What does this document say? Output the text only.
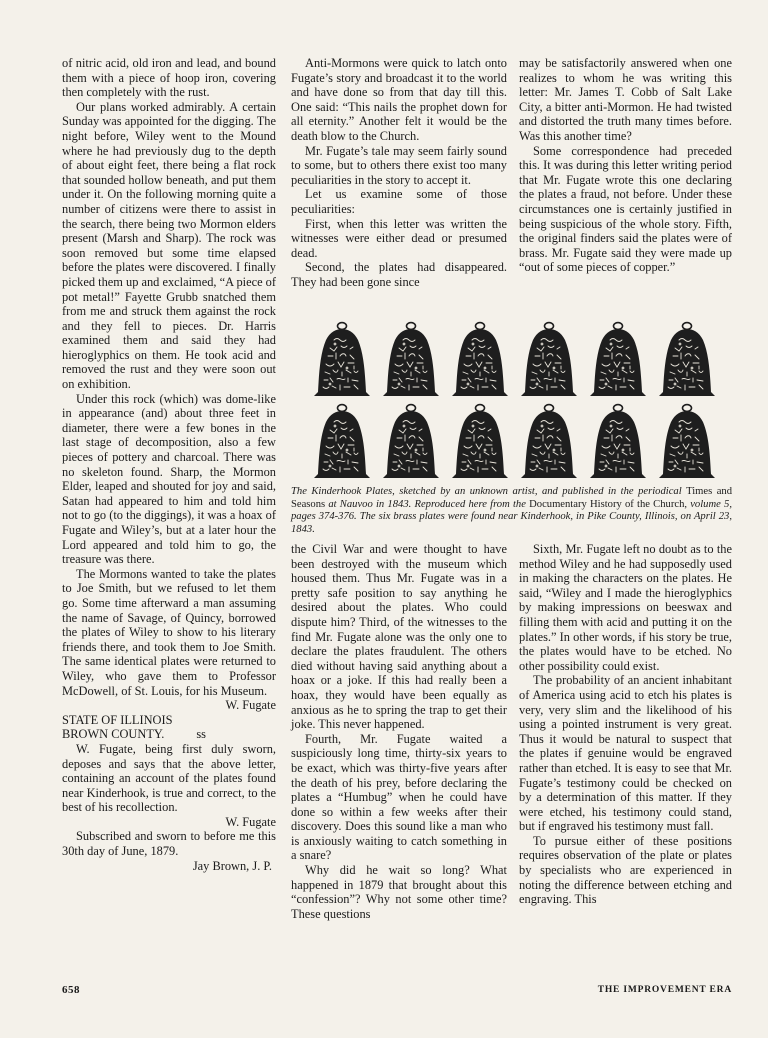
of nitric acid, old iron and lead, and bound them with a piece of hoop iron, covering then completely with the rust.

Our plans worked admirably. A certain Sunday was appointed for the digging. The night before, Wiley went to the Mound where he had previously dug to the depth of about eight feet, there being a flat rock that sounded hollow beneath, and put them under it. On the following morning quite a number of citizens were there to assist in the search, there being two Mormon elders present (Marsh and Sharp). The rock was soon removed but some time elapsed before the plates were discovered. I finally picked them up and exclaimed, “A piece of pot metal!” Fayette Grubb snatched them from me and struck them against the rock and they fell to pieces. Dr. Harris examined them and said they had hieroglyphics on them. He took acid and removed the rust and they were soon out on exhibition.

Under this rock (which) was dome-like in appearance (and) about three feet in diameter, there were a few bones in the last stage of decomposition, also a few pieces of pottery and charcoal. There was no skeleton found. Sharp, the Mormon Elder, leaped and shouted for joy and said, Satan had appeared to him and told him not to go (to the diggings), it was a hoax of Fugate and Wiley’s, but at a later hour the Lord appeared and told him to go, the treasure was there.

The Mormons wanted to take the plates to Joe Smith, but we refused to let them go. Some time afterward a man assuming the name of Savage, of Quincy, borrowed the plates of Wiley to show to his literary friends there, and took them to Joe Smith. The same identical plates were returned to Wiley, who gave them to Professor McDowell, of St. Louis, for his Museum.

W. Fugate

STATE OF ILLINOIS

BROWN COUNTY.	ss

W. Fugate, being first duly sworn, deposes and says that the above letter, containing an account of the plates found near Kinderhook, is true and correct, to the best of his recollection.

W. Fugate

Subscribed and sworn to before me this 30th day of June, 1879.

Jay Brown, J. P.

Anti-Mormons were quick to latch onto Fugate’s story and broadcast it to the world and have done so from that day till this. One said: “This nails the prophet down for all eternity.” Another felt it would be the death blow to the Church.

Mr. Fugate’s tale may seem fairly sound to some, but to others there exist too many peculiarities in the story to accept it.

Let us examine some of those peculiarities:

First, when this letter was written the witnesses were either dead or presumed dead.

Second, the plates had disappeared. They had been gone since

may be satisfactorily answered when one realizes to whom he was writing this letter: Mr. James T. Cobb of Salt Lake City, a bitter anti-Mormon. He had twisted and distorted the truth many times before. Was this another time?

Some correspondence had preceded this. It was during this letter writing period that Mr. Fugate wrote this one declaring the plates a fraud, not before. Under these circumstances one is certainly justified in being suspicious of the whole story. Fifth, the original finders said the plates were of brass. Mr. Fugate said they were made up “out of some pieces of copper.”

The Kinderhook Plates, sketched by an unknown artist, and published in the periodical Times and Seasons at Nauvoo in 1843. Reproduced here from the Documentary History of the Church, volume 5, pages 374-376. The six brass plates were found near Kinderhook, in Pike County, Illinois, on April 23, 1843.

the Civil War and were thought to have been destroyed with the museum which housed them. Thus Mr. Fugate was in a pretty safe position to say anything he desired about the plates. Who could dispute him? Third, of the witnesses to the find Mr. Fugate alone was the only one to declare the plates fraudulent. The others died without having said anything about a hoax or a joke. If this had really been a hoax, they would have been equally as anxious as he to spring the trap to get their joke. This never happened.

Fourth, Mr. Fugate waited a suspiciously long time, thirty-six years to be exact, which was thirty-five years after the death of his prey, before declaring the plates a “Humbug” when he could have done so within a few weeks after their discovery. Does this sound like a man who is anxiously waiting to catch something in a snare?

Why did he wait so long? What happened in 1879 that brought about this “confession”? Why not some other time? These questions

Sixth, Mr. Fugate left no doubt as to the method Wiley and he had supposedly used in making the characters on the plates. He said, “Wiley and I made the hieroglyphics by making impressions on beeswax and filling them with acid and putting it on the plates.” In other words, if his story be true, the plates would have to be etched. No other possibility could exist.

The probability of an ancient inhabitant of America using acid to etch his plates is very, very slim and the likelihood of his using a pointed instrument is very great. Thus it would be natural to suspect that the plates if genuine would be engraved rather than etched. It is easy to see that Mr. Fugate’s testimony could be checked on by a determination of this matter. If they were etched, his testimony could stand, but if engraved his testimony must fall.

To pursue either of these positions requires observation of the plate or plates by specialists who are experienced in noting the difference between etching and engraving. This

658	THE IMPROVEMENT ERA
